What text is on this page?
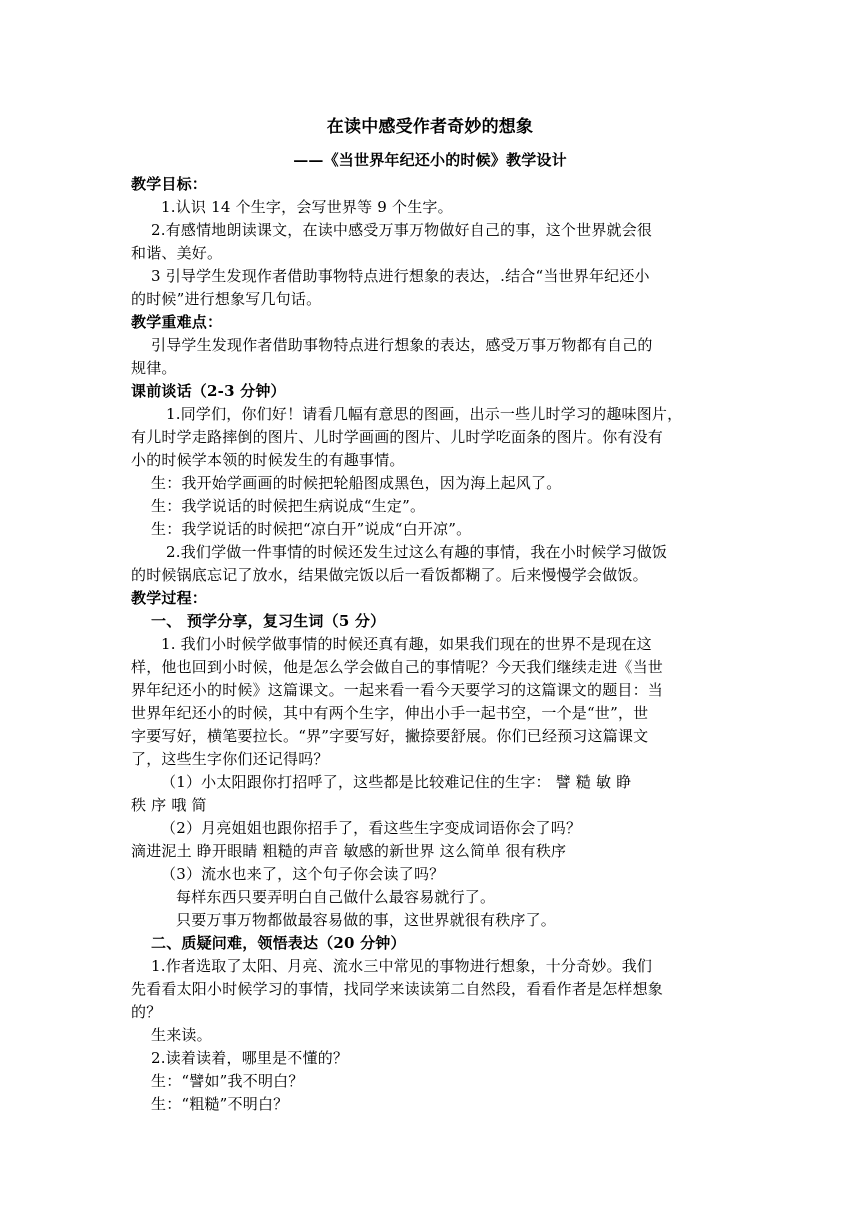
在读中感受作者奇妙的想象
——《当世界年纪还小的时候》教学设计
教学目标：
1.认识 14 个生字，会写世界等 9 个生字。
2.有感情地朗读课文，在读中感受万事万物做好自己的事，这个世界就会很
和谐、美好。
3 引导学生发现作者借助事物特点进行想象的表达，.结合“当世界年纪还小
的时候”进行想象写几句话。
教学重难点：
引导学生发现作者借助事物特点进行想象的表达，感受万事万物都有自己的
规律。
课前谈话（2-3 分钟）
1.同学们，你们好！请看几幅有意思的图画，出示一些儿时学习的趣味图片，
有儿时学走路摔倒的图片、儿时学画画的图片、儿时学吃面条的图片。你有没有
小的时候学本领的时候发生的有趣事情。
生：我开始学画画的时候把轮船图成黑色，因为海上起风了。
生：我学说话的时候把生病说成“生定”。
生：我学说话的时候把“凉白开”说成“白开凉”。
2.我们学做一件事情的时候还发生过这么有趣的事情，我在小时候学习做饭
的时候锅底忘记了放水，结果做完饭以后一看饭都糊了。后来慢慢学会做饭。
教学过程：
一、 预学分享，复习生词（5 分）
1. 我们小时候学做事情的时候还真有趣，如果我们现在的世界不是现在这
样，他也回到小时候，他是怎么学会做自己的事情呢？今天我们继续走进《当世
界年纪还小的时候》这篇课文。一起来看一看今天要学习的这篇课文的题目：当
世界年纪还小的时候，其中有两个生字，伸出小手一起书空，一个是“世”，世
字要写好，横笔要拉长。“界”字要写好，撇捺要舒展。你们已经预习这篇课文
了，这些生字你们还记得吗？
（1）小太阳跟你打招呼了，这些都是比较难记住的生字： 譬 糙 敏 睁
秩 序 哦 简
（2）月亮姐姐也跟你招手了，看这些生字变成词语你会了吗？
滴进泥土 睁开眼睛 粗糙的声音 敏感的新世界 这么简单 很有秩序
（3）流水也来了，这个句子你会读了吗？
每样东西只要弄明白自己做什么最容易就行了。
只要万事万物都做最容易做的事，这世界就很有秩序了。
二、质疑问难，领悟表达（20 分钟）
1.作者选取了太阳、月亮、流水三中常见的事物进行想象，十分奇妙。我们
先看看太阳小时候学习的事情，找同学来读读第二自然段，看看作者是怎样想象
的？
生来读。
2.读着读着，哪里是不懂的？
生：“譬如”我不明白？
生：“粗糙”不明白？
